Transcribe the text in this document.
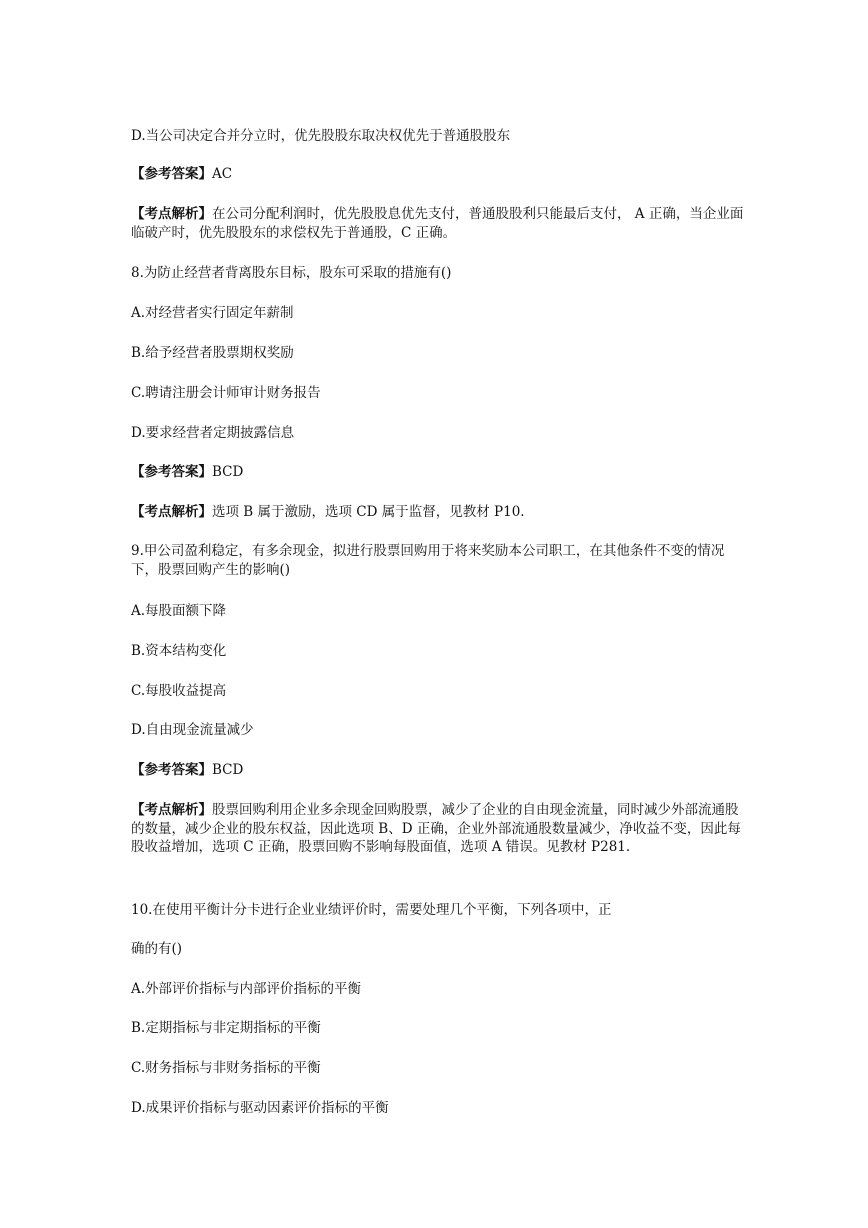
D.当公司决定合并分立时，优先股股东取决权优先于普通股股东

【参考答案】AC

【考点解析】在公司分配利润时，优先股股息优先支付，普通股股利只能最后支付， A 正确，当企业面临破产时，优先股股东的求偿权先于普通股，C 正确。

8.为防止经营者背离股东目标，股东可采取的措施有()

A.对经营者实行固定年薪制

B.给予经营者股票期权奖励

C.聘请注册会计师审计财务报告

D.要求经营者定期披露信息

【参考答案】BCD

【考点解析】选项 B 属于激励，选项 CD 属于监督，见教材 P10.

9.甲公司盈利稳定，有多余现金，拟进行股票回购用于将来奖励本公司职工，在其他条件不变的情况下，股票回购产生的影响()

A.每股面额下降

B.资本结构变化

C.每股收益提高

D.自由现金流量减少

【参考答案】BCD

【考点解析】股票回购利用企业多余现金回购股票，减少了企业的自由现金流量，同时减少外部流通股的数量，减少企业的股东权益，因此选项 B、D 正确，企业外部流通股数量减少，净收益不变，因此每股收益增加，选项 C 正确，股票回购不影响每股面值，选项 A 错误。见教材 P281.

10.在使用平衡计分卡进行企业业绩评价时，需要处理几个平衡，下列各项中，正

确的有()

A.外部评价指标与内部评价指标的平衡

B.定期指标与非定期指标的平衡

C.财务指标与非财务指标的平衡

D.成果评价指标与驱动因素评价指标的平衡
